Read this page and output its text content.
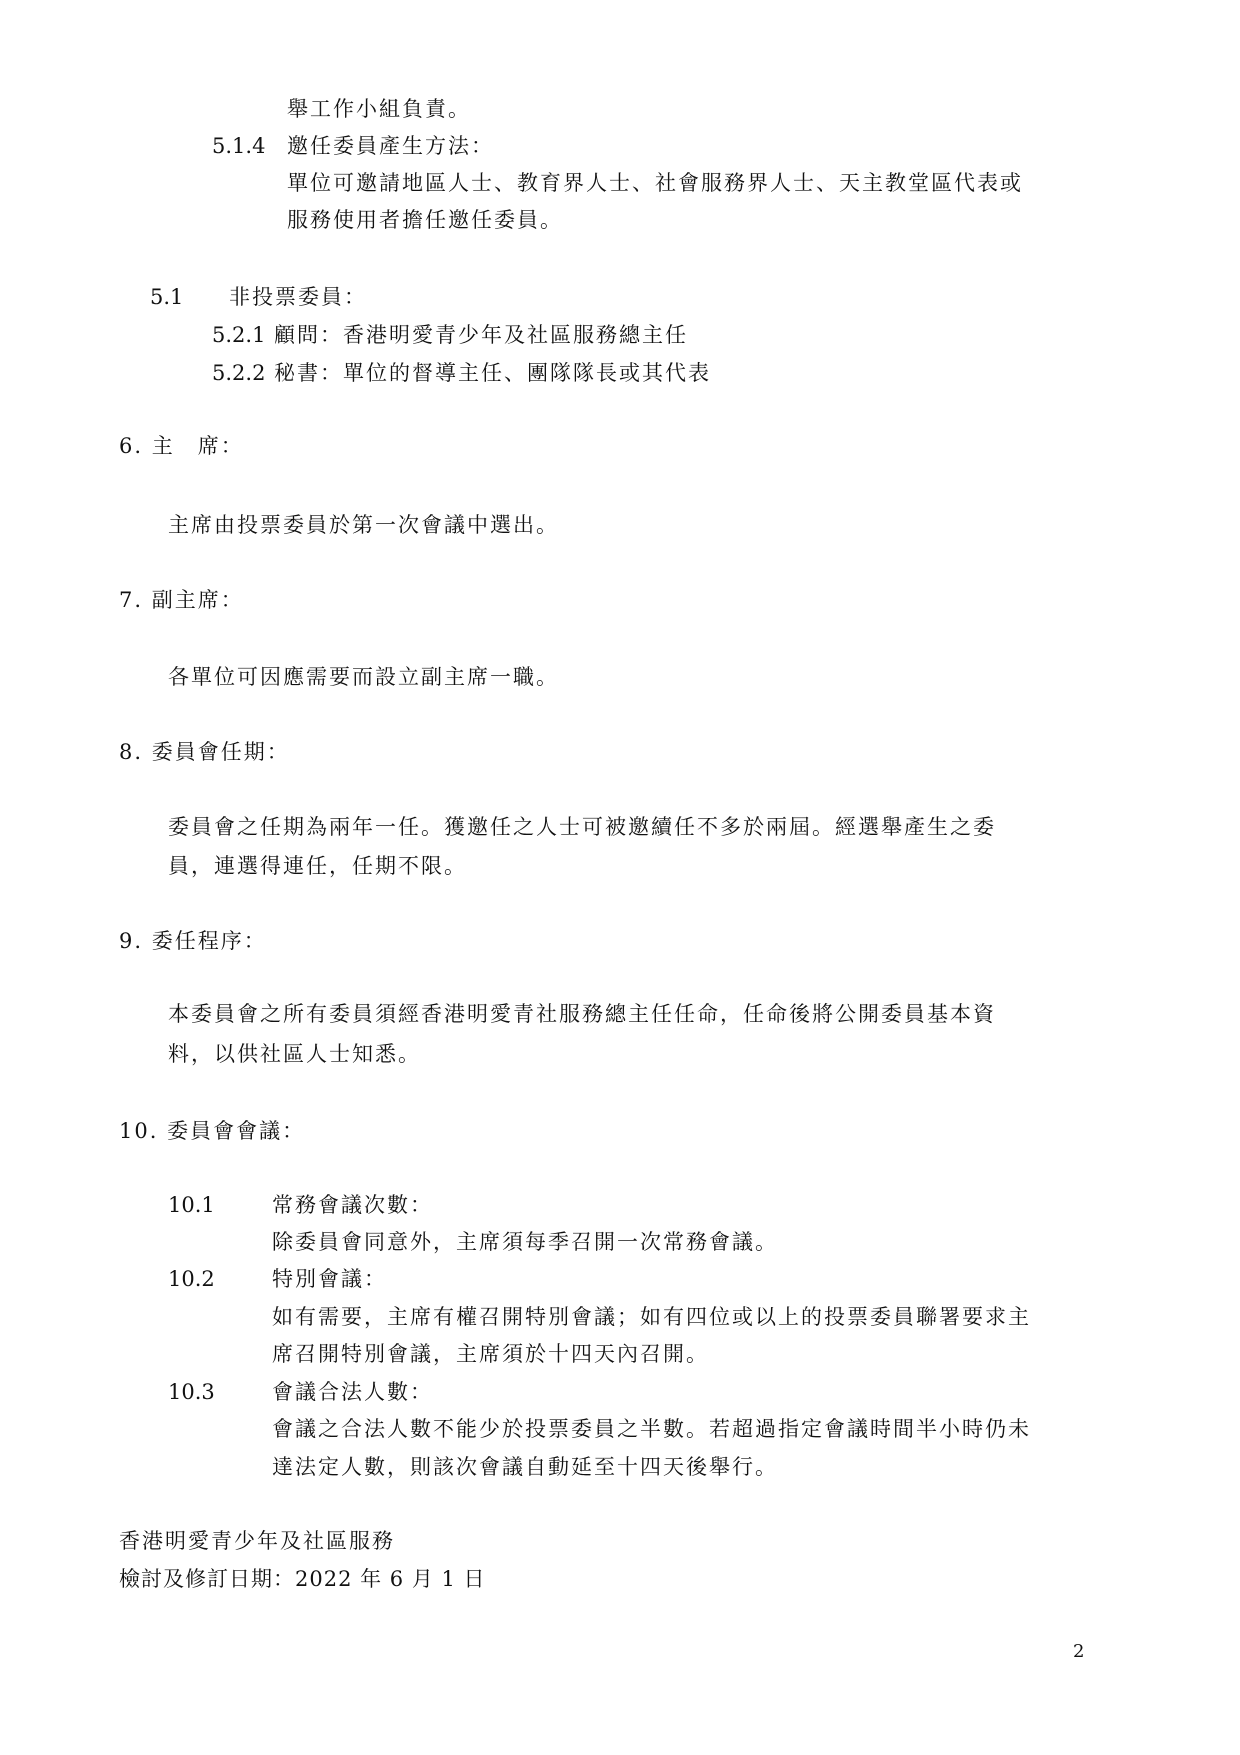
舉工作小組負責。
5.1.4 邀任委員產生方法：
單位可邀請地區人士、教育界人士、社會服務界人士、天主教堂區代表或
服務使用者擔任邀任委員。
5.1 非投票委員：
5.2.1 顧問：香港明愛青少年及社區服務總主任
5.2.2 秘書：單位的督導主任、團隊隊長或其代表
6. 主　席：
主席由投票委員於第一次會議中選出。
7. 副主席：
各單位可因應需要而設立副主席一職。
8. 委員會任期：
委員會之任期為兩年一任。獲邀任之人士可被邀續任不多於兩屆。經選舉產生之委
員，連選得連任，任期不限。
9. 委任程序：
本委員會之所有委員須經香港明愛青社服務總主任任命，任命後將公開委員基本資
料，以供社區人士知悉。
10. 委員會會議：
10.1	常務會議次數：
除委員會同意外，主席須每季召開一次常務會議。
10.2	特別會議：
如有需要，主席有權召開特別會議；如有四位或以上的投票委員聯署要求主
席召開特別會議，主席須於十四天內召開。
10.3	會議合法人數：
會議之合法人數不能少於投票委員之半數。若超過指定會議時間半小時仍未
達法定人數，則該次會議自動延至十四天後舉行。
香港明愛青少年及社區服務
檢討及修訂日期：2022 年 6 月 1 日
2
